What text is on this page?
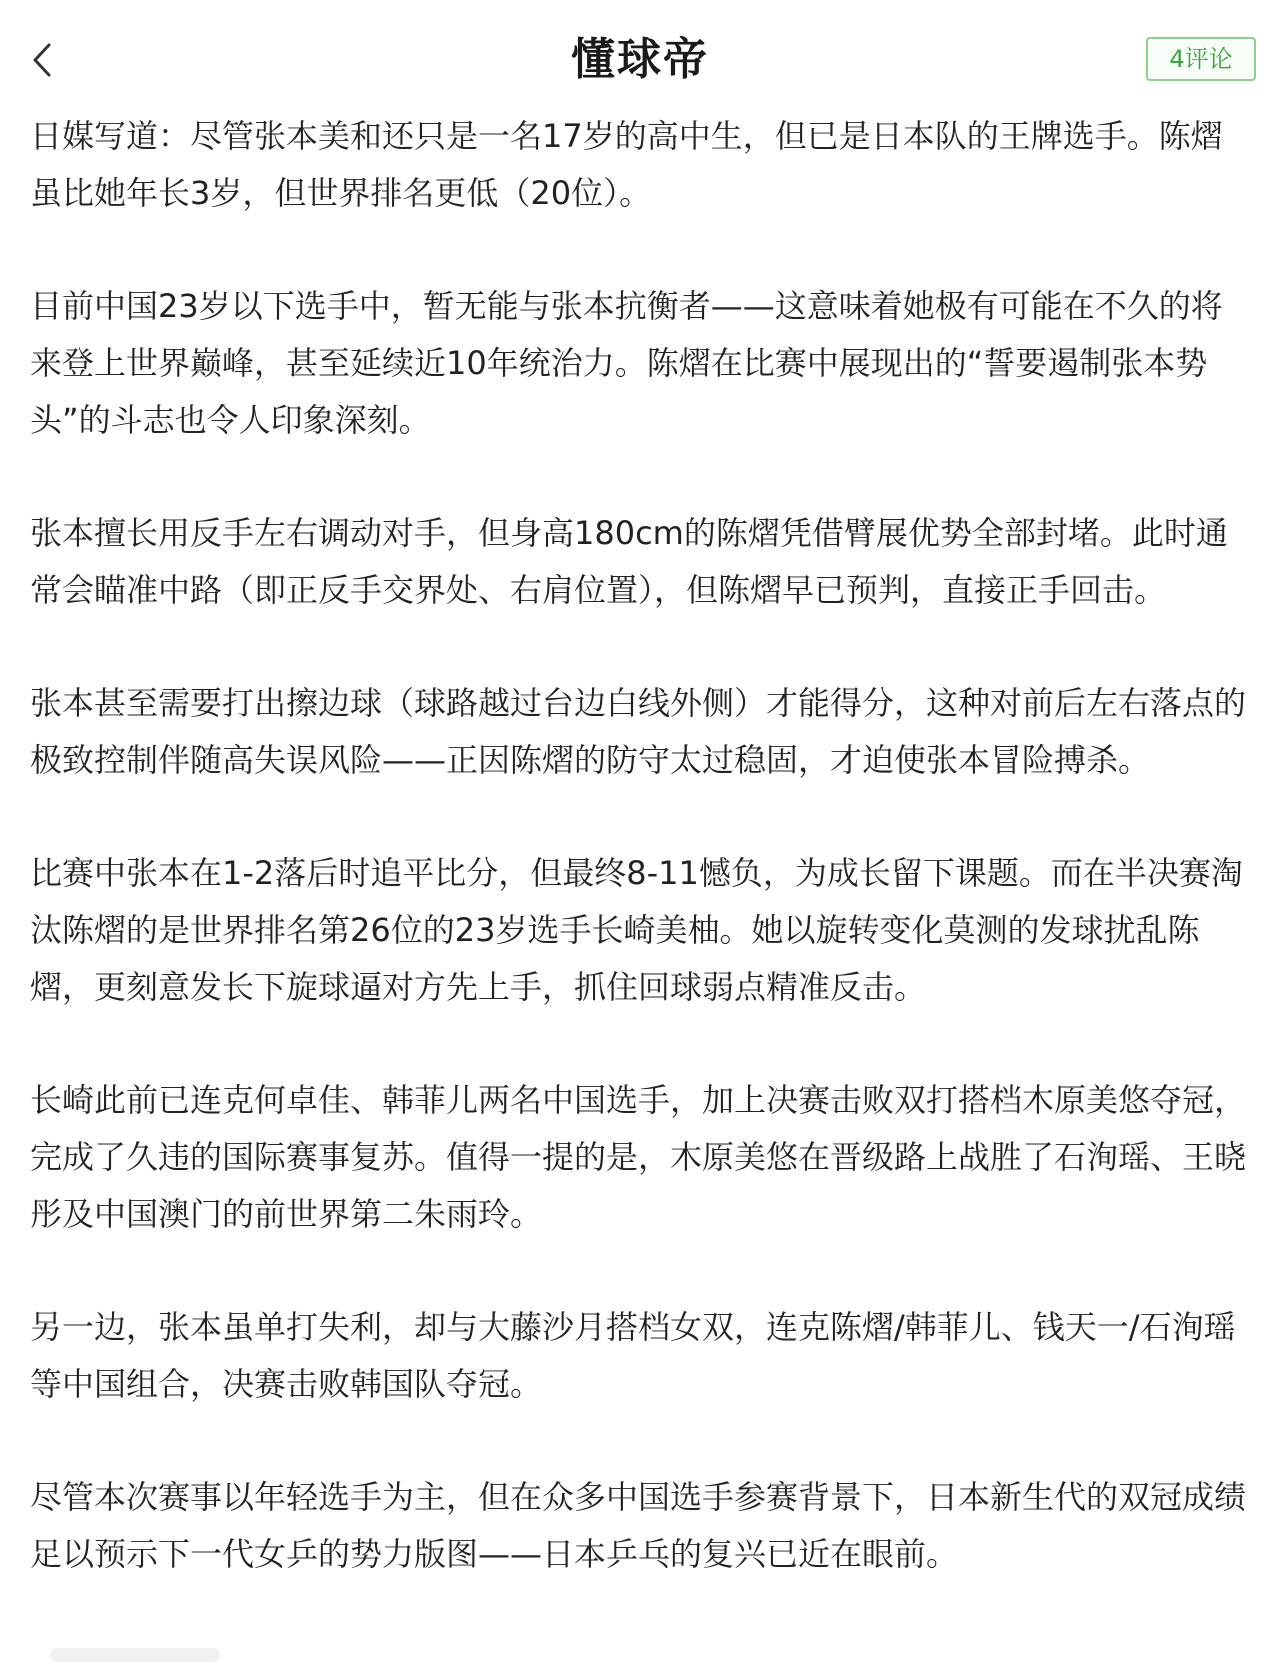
懂球帝	4评论

日媒写道：尽管张本美和还只是一名17岁的高中生，但已是日本队的王牌选手。陈熠虽比她年长3岁，但世界排名更低（20位）。

目前中国23岁以下选手中，暂无能与张本抗衡者——这意味着她极有可能在不久的将来登上世界巅峰，甚至延续近10年统治力。陈熠在比赛中展现出的“誓要遏制张本势头”的斗志也令人印象深刻。

张本擅长用反手左右调动对手，但身高180cm的陈熠凭借臂展优势全部封堵。此时通常会瞄准中路（即正反手交界处、右肩位置），但陈熠早已预判，直接正手回击。

张本甚至需要打出擦边球（球路越过台边白线外侧）才能得分，这种对前后左右落点的极致控制伴随高失误风险——正因陈熠的防守太过稳固，才迫使张本冒险搏杀。

比赛中张本在1-2落后时追平比分，但最终8-11憾负，为成长留下课题。而在半决赛淘汰陈熠的是世界排名第26位的23岁选手长崎美柚。她以旋转变化莫测的发球扰乱陈熠，更刻意发长下旋球逼对方先上手，抓住回球弱点精准反击。

长崎此前已连克何卓佳、韩菲儿两名中国选手，加上决赛击败双打搭档木原美悠夺冠，完成了久违的国际赛事复苏。值得一提的是，木原美悠在晋级路上战胜了石洵瑶、王晓彤及中国澳门的前世界第二朱雨玲。

另一边，张本虽单打失利，却与大藤沙月搭档女双，连克陈熠/韩菲儿、钱天一/石洵瑶等中国组合，决赛击败韩国队夺冠。

尽管本次赛事以年轻选手为主，但在众多中国选手参赛背景下，日本新生代的双冠成绩足以预示下一代女乒的势力版图——日本乒乓的复兴已近在眼前。
